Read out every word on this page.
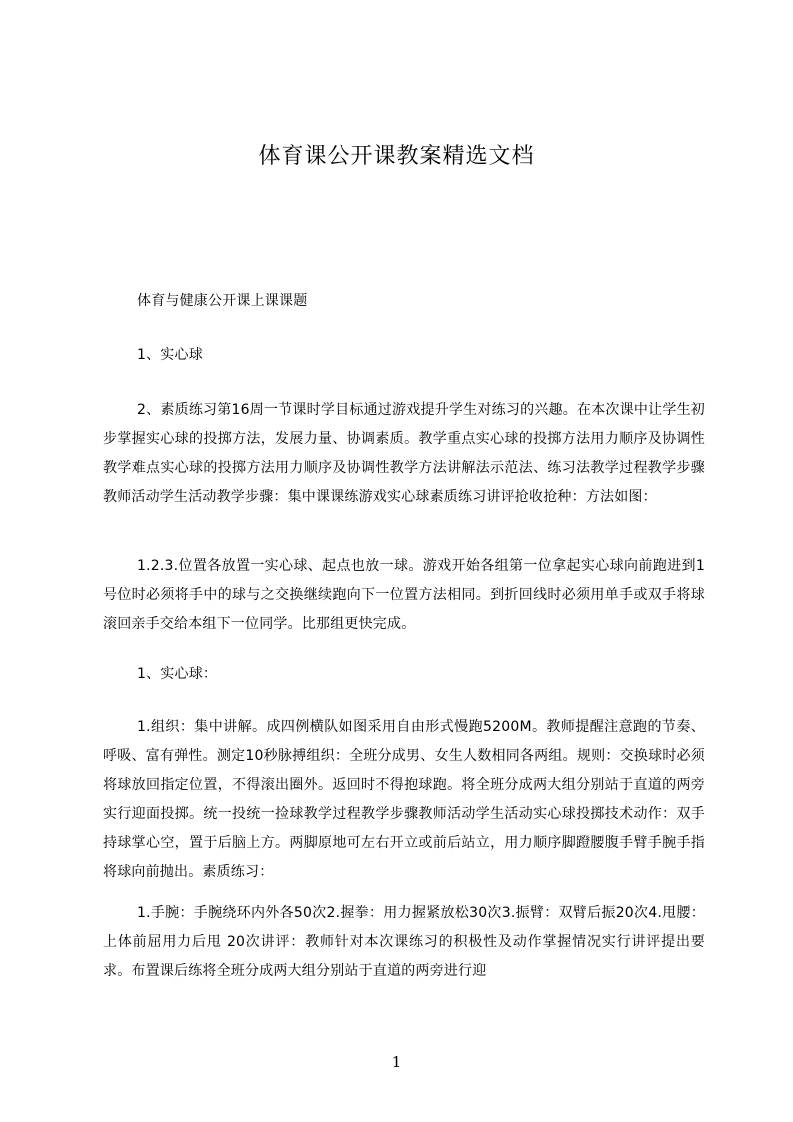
体育课公开课教案精选文档
体育与健康公开课上课课题
1、实心球
2、素质练习第16周一节课时学目标通过游戏提升学生对练习的兴趣。在本次课中让学生初步掌握实心球的投掷方法，发展力量、协调素质。教学重点实心球的投掷方法用力顺序及协调性教学难点实心球的投掷方法用力顺序及协调性教学方法讲解法示范法、练习法教学过程教学步骤教师活动学生活动教学步骤：集中课课练游戏实心球素质练习讲评抢收抢种：方法如图：
1.2.3.位置各放置一实心球、起点也放一球。游戏开始各组第一位拿起实心球向前跑进到1号位时必须将手中的球与之交换继续跑向下一位置方法相同。到折回线时必须用单手或双手将球滚回亲手交给本组下一位同学。比那组更快完成。
1、实心球：
1.组织：集中讲解。成四例横队如图采用自由形式慢跑5200M。教师提醒注意跑的节奏、呼吸、富有弹性。测定10秒脉搏组织：全班分成男、女生人数相同各两组。规则：交换球时必须将球放回指定位置，不得滚出圈外。返回时不得抱球跑。将全班分成两大组分别站于直道的两旁实行迎面投掷。统一投统一捡球教学过程教学步骤教师活动学生活动实心球投掷技术动作：双手持球掌心空，置于后脑上方。两脚原地可左右开立或前后站立，用力顺序脚蹬腰腹手臂手腕手指将球向前抛出。素质练习：
1.手腕：手腕绕环内外各50次2.握拳：用力握紧放松30次3.振臂：双臂后振20次4.甩腰：上体前屈用力后甩 20次讲评：教师针对本次课练习的积极性及动作掌握情况实行讲评提出要求。布置课后练将全班分成两大组分别站于直道的两旁进行迎
1
